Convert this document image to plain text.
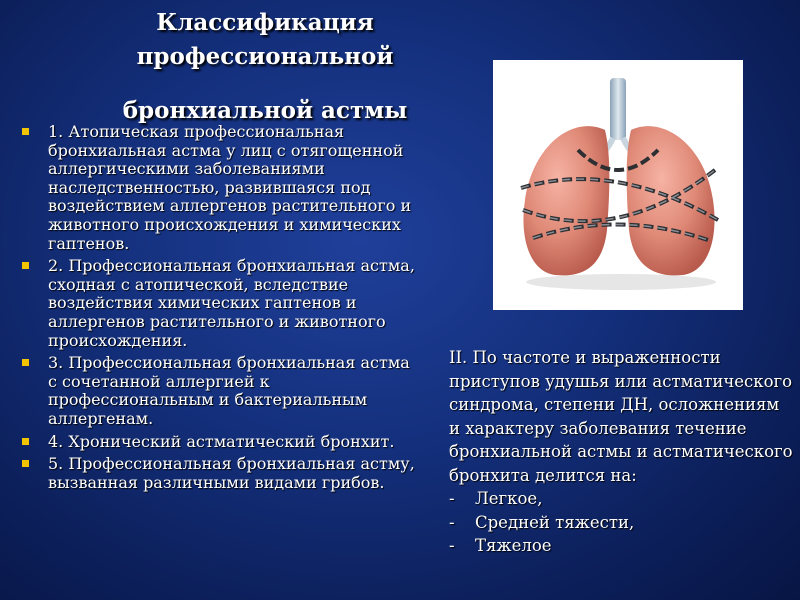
Классификация
профессиональной
бронхиальной астмы
1. Атопическая профессиональная бронхиальная астма у лиц с отягощенной аллергическими заболеваниями наследственностью, развившаяся под воздействием аллергенов растительного и животного происхождения и химических гаптенов.
2. Профессиональная бронхиальная астма, сходная с атопической, вследствие воздействия химических гаптенов и аллергенов растительного и животного происхождения.
3. Профессиональная бронхиальная астма с сочетанной аллергией к профессиональным и бактериальным аллергенам.
4. Хронический астматический бронхит.
5. Профессиональная бронхиальная астму, вызванная различными видами грибов.
II. По частоте и выраженности приступов удушья или астматического синдрома, степени ДН, осложнениям и характеру заболевания течение бронхиальной астмы и астматического бронхита делится на:
- Легкое,
- Средней тяжести,
- Тяжелое
